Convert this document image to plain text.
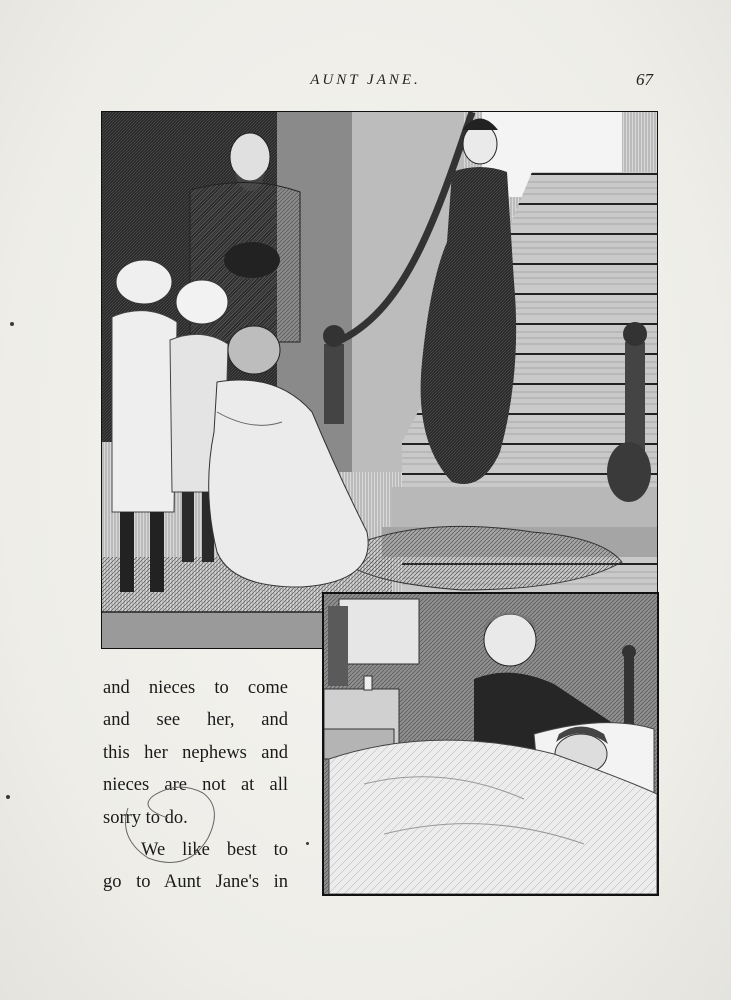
AUNT JANE.	67
and nieces to come
and see her, and
this her nephews and
nieces are not at all
sorry to do.
We like best to
go to Aunt Jane's in
